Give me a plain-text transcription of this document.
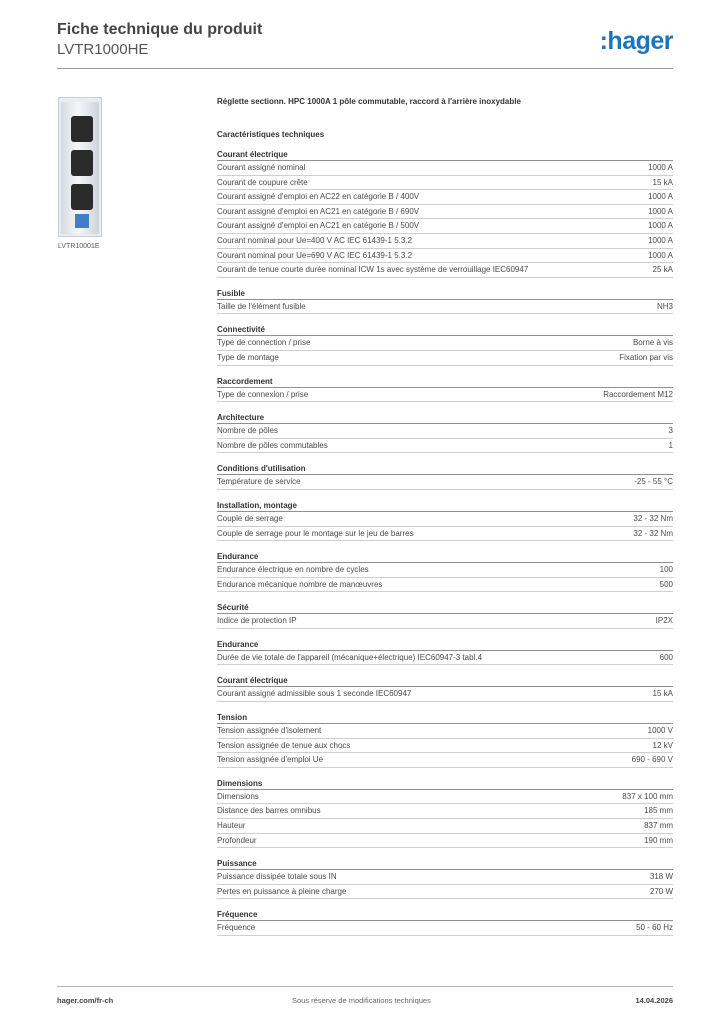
Fiche technique du produit
LVTR1000HE	:hager
LVTR10001E
Réglette sectionn. HPC 1000A 1 pôle commutable, raccord à l'arrière inoxydable
Caractéristiques techniques
Courant électrique
Courant assigné nominal	1000 A
Courant de coupure crête	15 kA
Courant assigné d'emploi en AC22 en catégorie B / 400V	1000 A
Courant assigné d'emploi en AC21 en catégorie B / 690V	1000 A
Courant assigné d'emploi en AC21 en catégorie B / 500V	1000 A
Courant nominal pour Ue=400 V AC IEC 61439-1 5.3.2	1000 A
Courant nominal pour Ue=690 V AC IEC 61439-1 5.3.2	1000 A
Courant de tenue courte durée nominal ICW 1s avec système de verrouillage IEC60947	25 kA
Fusible
Taille de l'élément fusible	NH3
Connectivité
Type de connection / prise	Borne à vis
Type de montage	Fixation par vis
Raccordement
Type de connexion / prise	Raccordement M12
Architecture
Nombre de pôles	3
Nombre de pôles commutables	1
Conditions d'utilisation
Température de service	-25 - 55 °C
Installation, montage
Couple de serrage	32 - 32 Nm
Couple de serrage pour le montage sur le jeu de barres	32 - 32 Nm
Endurance
Endurance électrique en nombre de cycles	100
Endurance mécanique nombre de manœuvres	500
Sécurité
Indice de protection IP	IP2X
Endurance
Durée de vie totale de l'appareil (mécanique+électrique) IEC60947-3 tabl.4	600
Courant électrique
Courant assigné admissible sous 1 seconde IEC60947	15 kA
Tension
Tension assignée d'isolement	1000 V
Tension assignée de tenue aux chocs	12 kV
Tension assignée d'emploi Ue	690 - 690 V
Dimensions
Dimensions	837 x 100 mm
Distance des barres omnibus	185 mm
Hauteur	837 mm
Profondeur	190 mm
Puissance
Puissance dissipée totale sous IN	318 W
Pertes en puissance à pleine charge	270 W
Fréquence
Fréquence	50 - 60 Hz
hager.com/fr-ch	Sous réserve de modifications techniques	14.04.2026
